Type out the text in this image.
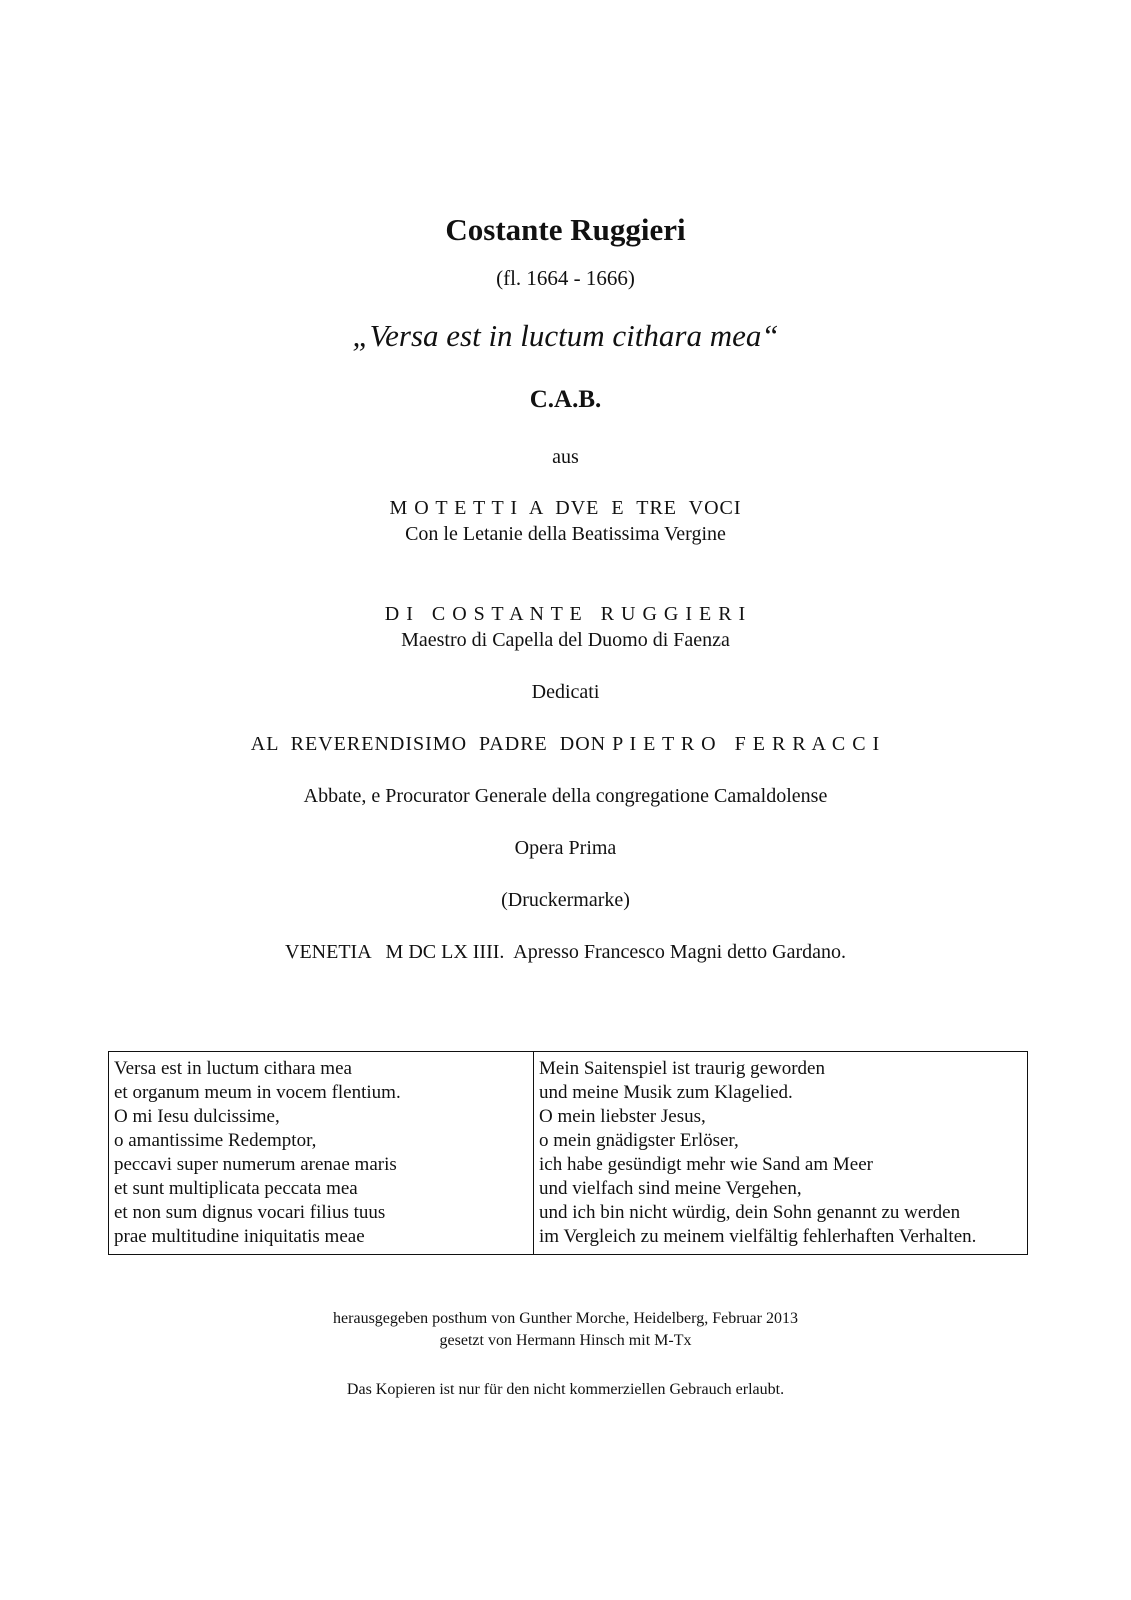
Costante Ruggieri
(fl. 1664 - 1666)
„Versa est in luctum cithara mea“
C.A.B.
aus
M O T E T T I  A  DVE  E  TRE  VOCI
Con le Letanie della Beatissima Vergine
D I   C O S T A N T E   R U G G I E R I
Maestro di Capella del Duomo di Faenza
Dedicati
AL  REVERENDISIMO  PADRE  DON P I E T R O   F E R R A C C I
Abbate, e Procurator Generale della congregatione Camaldolense
Opera Prima
(Druckermarke)
VENETIA   M DC LX IIII.  Apresso Francesco Magni detto Gardano.
Versa est in luctum cithara mea
et organum meum in vocem flentium.
O mi Iesu dulcissime,
o amantissime Redemptor,
peccavi super numerum arenae maris
et sunt multiplicata peccata mea
et non sum dignus vocari filius tuus
prae multitudine iniquitatis meae
Mein Saitenspiel ist traurig geworden
und meine Musik zum Klagelied.
O mein liebster Jesus,
o mein gnädigster Erlöser,
ich habe gesündigt mehr wie Sand am Meer
und vielfach sind meine Vergehen,
und ich bin nicht würdig, dein Sohn genannt zu werden
im Vergleich zu meinem vielfältig fehlerhaften Verhalten.
herausgegeben posthum von Gunther Morche, Heidelberg, Februar 2013
gesetzt von Hermann Hinsch mit M-Tx
Das Kopieren ist nur für den nicht kommerziellen Gebrauch erlaubt.
